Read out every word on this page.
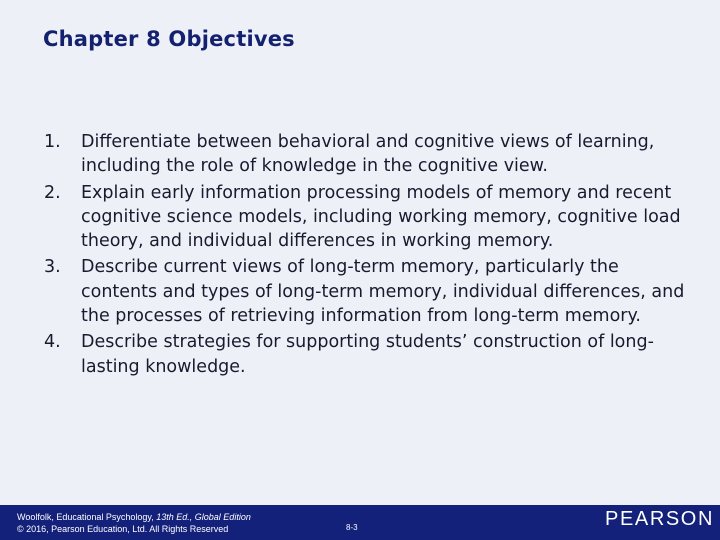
Chapter 8 Objectives
1. Differentiate between behavioral and cognitive views of learning, including the role of knowledge in the cognitive view.
2. Explain early information processing models of memory and recent cognitive science models, including working memory, cognitive load theory, and individual differences in working memory.
3. Describe current views of long-term memory, particularly the contents and types of long-term memory, individual differences, and the processes of retrieving information from long-term memory.
4. Describe strategies for supporting students’ construction of long-lasting knowledge.
Woolfolk, Educational Psychology, 13th Ed., Global Edition
© 2016, Pearson Education, Ltd. All Rights Reserved	8-3	PEARSON
